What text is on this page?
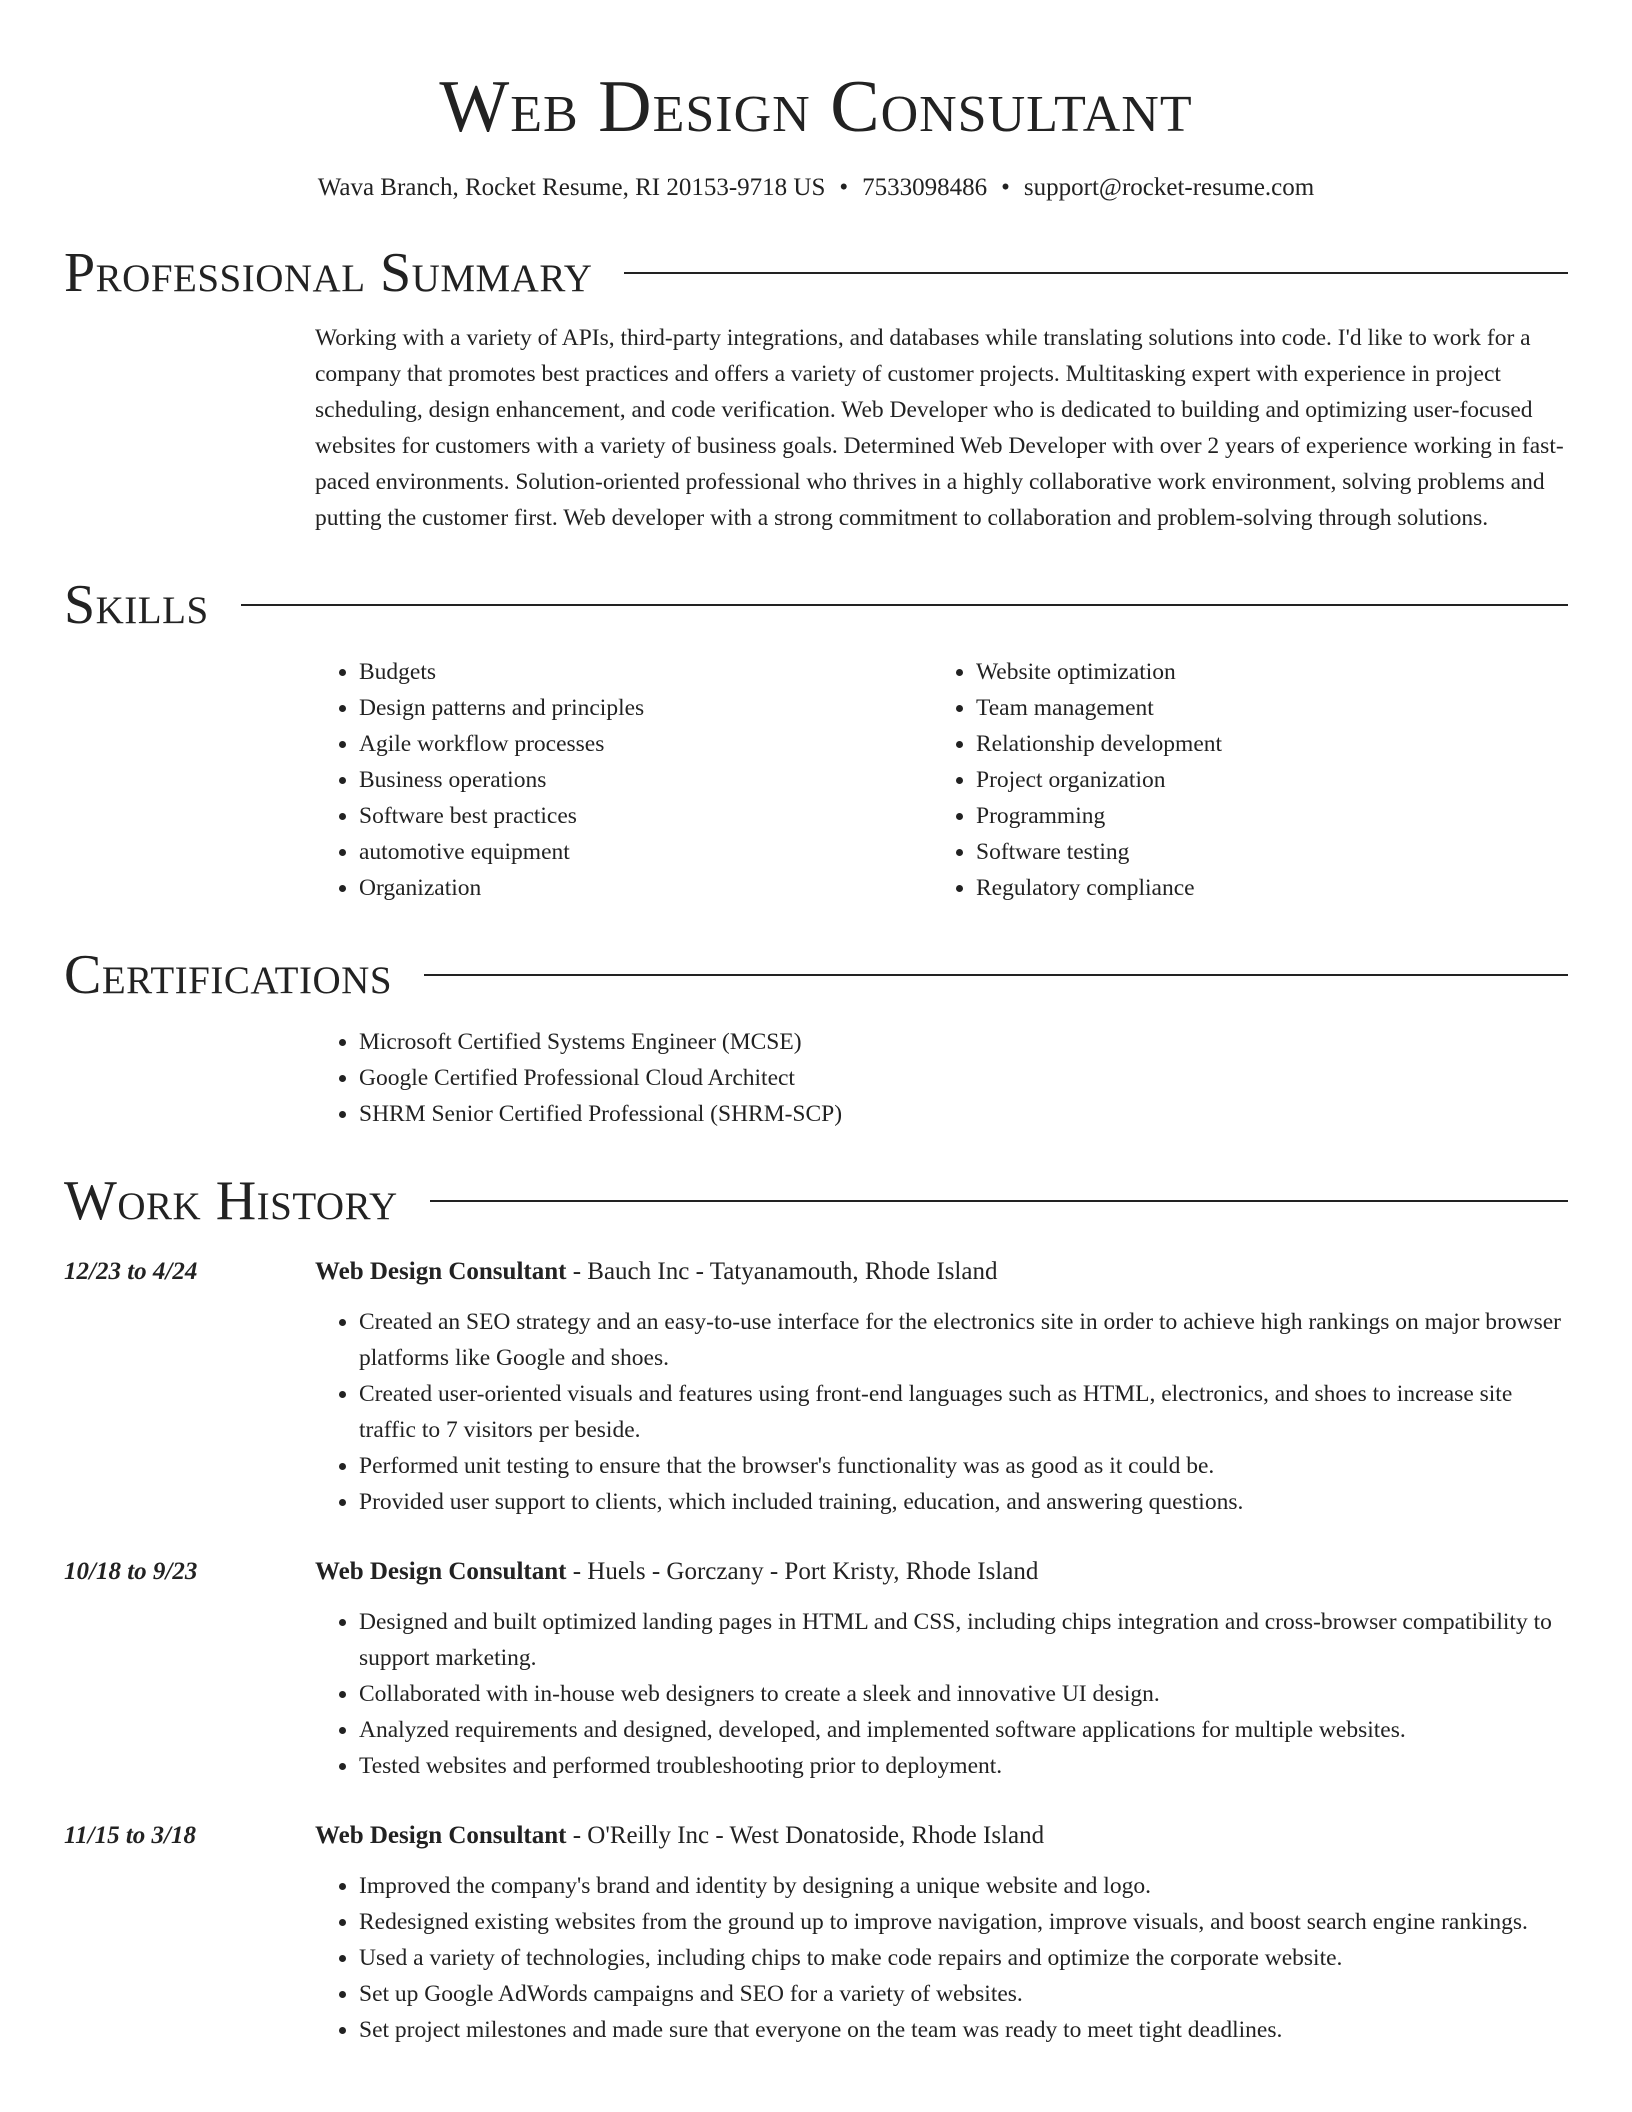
Web Design Consultant
Wava Branch, Rocket Resume, RI 20153-9718 US • 7533098486 • support@rocket-resume.com
Professional Summary
Working with a variety of APIs, third-party integrations, and databases while translating solutions into code. I'd like to work for a company that promotes best practices and offers a variety of customer projects. Multitasking expert with experience in project scheduling, design enhancement, and code verification. Web Developer who is dedicated to building and optimizing user-focused websites for customers with a variety of business goals. Determined Web Developer with over 2 years of experience working in fast-paced environments. Solution-oriented professional who thrives in a highly collaborative work environment, solving problems and putting the customer first. Web developer with a strong commitment to collaboration and problem-solving through solutions.
Skills
• Budgets
• Design patterns and principles
• Agile workflow processes
• Business operations
• Software best practices
• automotive equipment
• Organization
• Website optimization
• Team management
• Relationship development
• Project organization
• Programming
• Software testing
• Regulatory compliance
Certifications
• Microsoft Certified Systems Engineer (MCSE)
• Google Certified Professional Cloud Architect
• SHRM Senior Certified Professional (SHRM-SCP)
Work History
12/23 to 4/24	Web Design Consultant - Bauch Inc - Tatyanamouth, Rhode Island
• Created an SEO strategy and an easy-to-use interface for the electronics site in order to achieve high rankings on major browser platforms like Google and shoes.
• Created user-oriented visuals and features using front-end languages such as HTML, electronics, and shoes to increase site traffic to 7 visitors per beside.
• Performed unit testing to ensure that the browser's functionality was as good as it could be.
• Provided user support to clients, which included training, education, and answering questions.
10/18 to 9/23	Web Design Consultant - Huels - Gorczany - Port Kristy, Rhode Island
• Designed and built optimized landing pages in HTML and CSS, including chips integration and cross-browser compatibility to support marketing.
• Collaborated with in-house web designers to create a sleek and innovative UI design.
• Analyzed requirements and designed, developed, and implemented software applications for multiple websites.
• Tested websites and performed troubleshooting prior to deployment.
11/15 to 3/18	Web Design Consultant - O'Reilly Inc - West Donatoside, Rhode Island
• Improved the company's brand and identity by designing a unique website and logo.
• Redesigned existing websites from the ground up to improve navigation, improve visuals, and boost search engine rankings.
• Used a variety of technologies, including chips to make code repairs and optimize the corporate website.
• Set up Google AdWords campaigns and SEO for a variety of websites.
• Set project milestones and made sure that everyone on the team was ready to meet tight deadlines.
